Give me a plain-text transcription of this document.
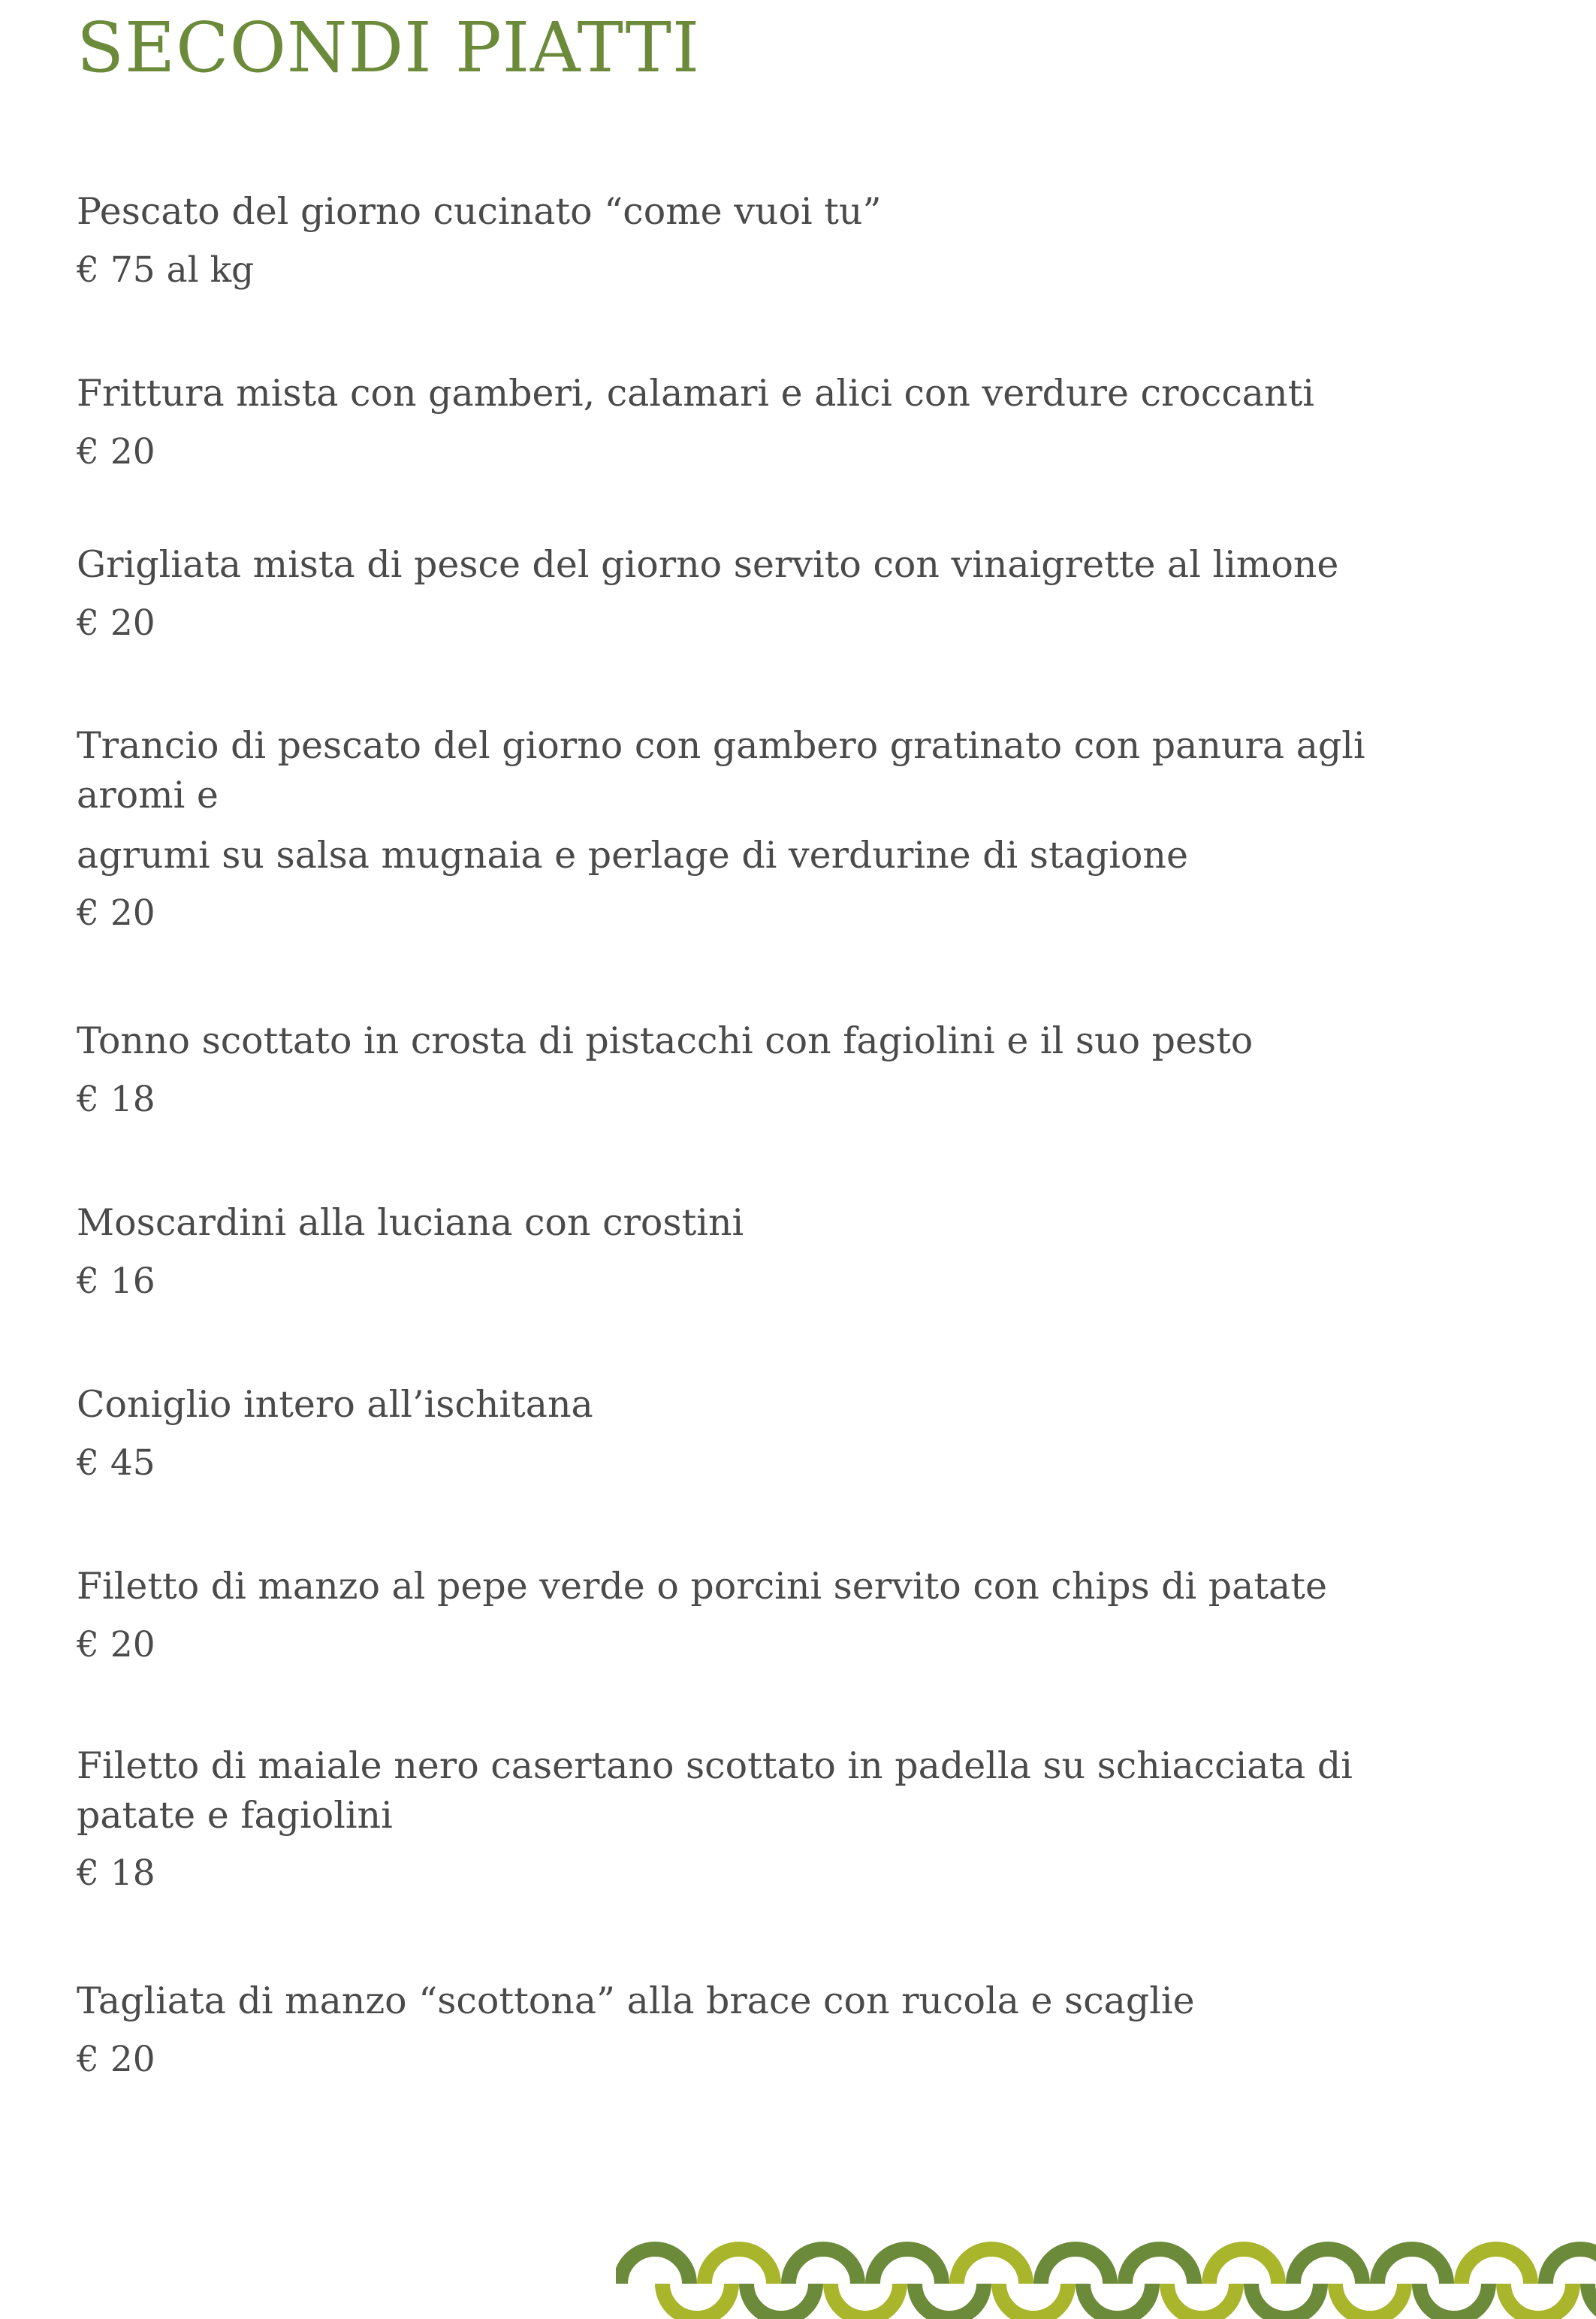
SECONDI PIATTI
Pescato del giorno cucinato “come vuoi tu”
€ 75 al kg
Frittura mista con gamberi, calamari e alici con verdure croccanti
€ 20
Grigliata mista di pesce del giorno servito con vinaigrette al limone
€ 20
Trancio di pescato del giorno con gambero gratinato con panura agli
aromi e
agrumi su salsa mugnaia e perlage di verdurine di stagione
€ 20
Tonno scottato in crosta di pistacchi con fagiolini e il suo pesto
€ 18
Moscardini alla luciana con crostini
€ 16
Coniglio intero all’ischitana
€ 45
Filetto di manzo al pepe verde o porcini servito con chips di patate
€ 20
Filetto di maiale nero casertano scottato in padella su schiacciata di
patate e fagiolini
€ 18
Tagliata di manzo “scottona” alla brace con rucola e scaglie
€ 20
